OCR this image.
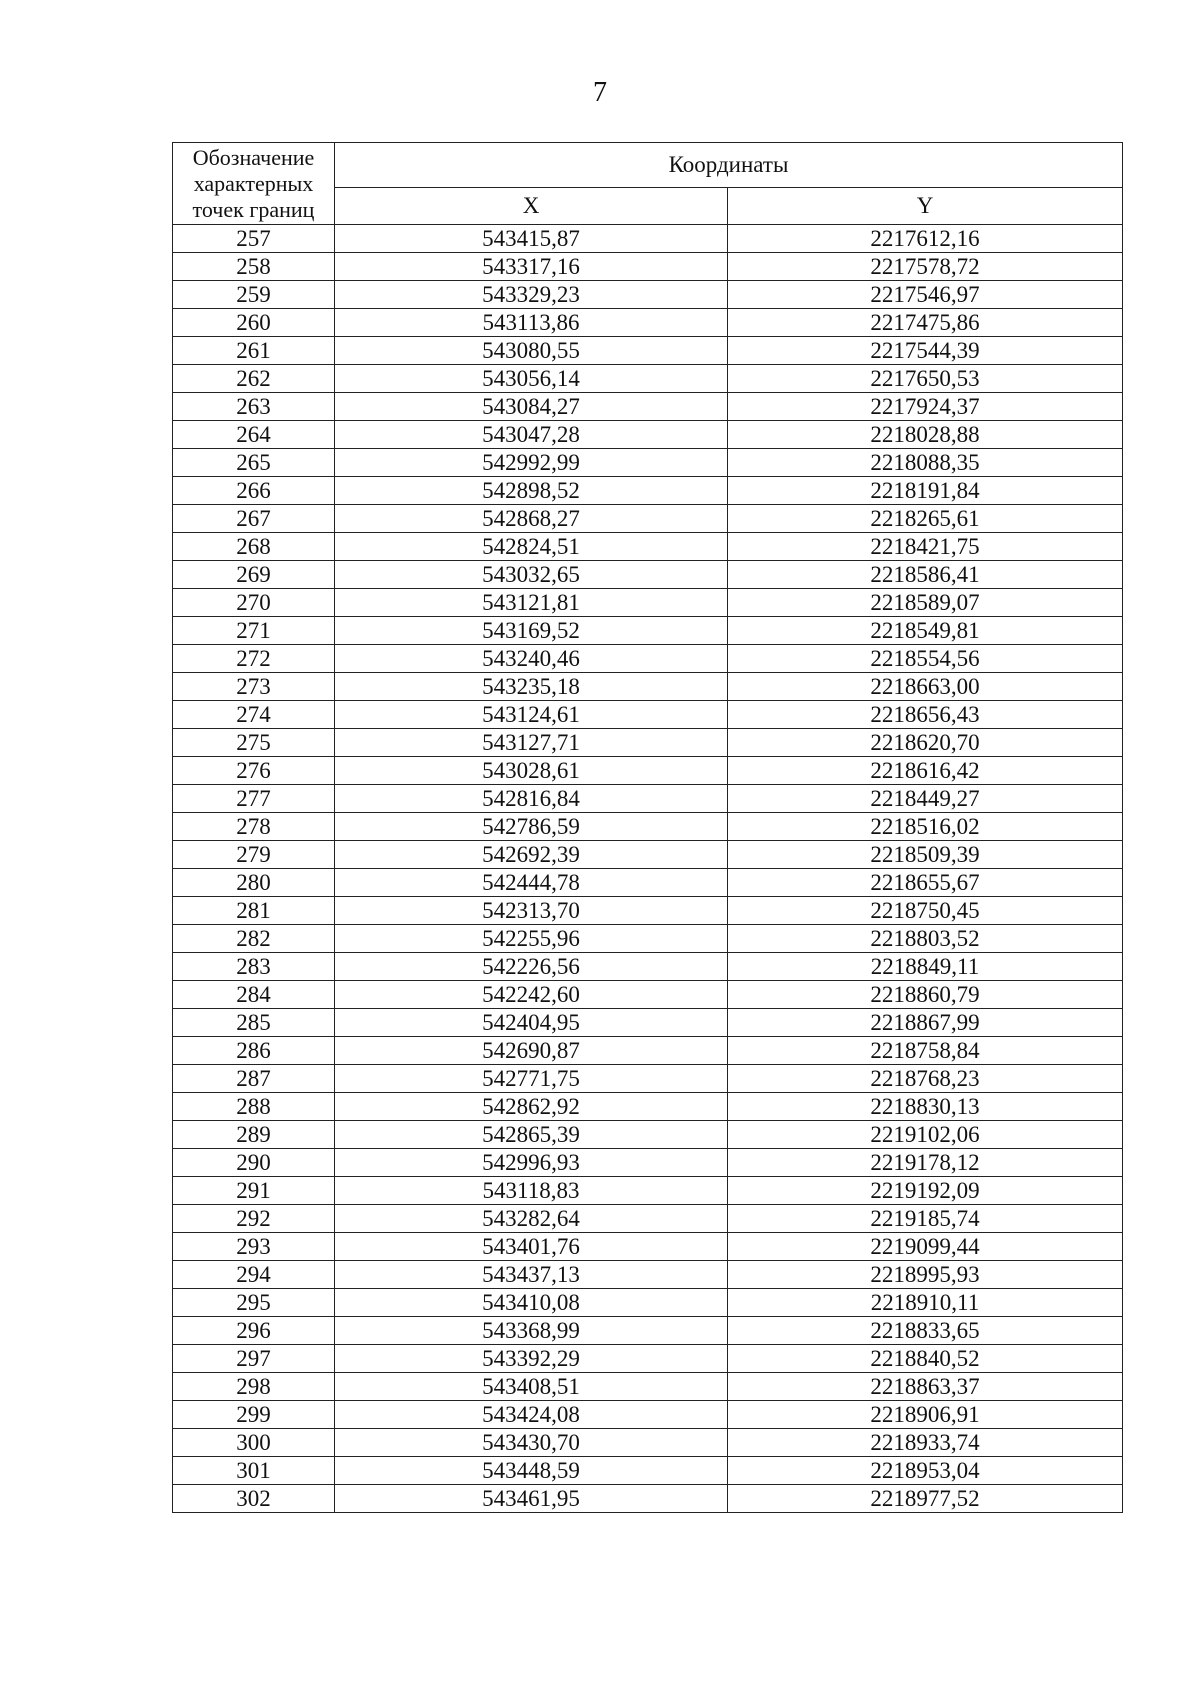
7
Обозначение
характерных
точек границ	Координаты	
	X	Y
257	543415,87	2217612,16
258	543317,16	2217578,72
259	543329,23	2217546,97
260	543113,86	2217475,86
261	543080,55	2217544,39
262	543056,14	2217650,53
263	543084,27	2217924,37
264	543047,28	2218028,88
265	542992,99	2218088,35
266	542898,52	2218191,84
267	542868,27	2218265,61
268	542824,51	2218421,75
269	543032,65	2218586,41
270	543121,81	2218589,07
271	543169,52	2218549,81
272	543240,46	2218554,56
273	543235,18	2218663,00
274	543124,61	2218656,43
275	543127,71	2218620,70
276	543028,61	2218616,42
277	542816,84	2218449,27
278	542786,59	2218516,02
279	542692,39	2218509,39
280	542444,78	2218655,67
281	542313,70	2218750,45
282	542255,96	2218803,52
283	542226,56	2218849,11
284	542242,60	2218860,79
285	542404,95	2218867,99
286	542690,87	2218758,84
287	542771,75	2218768,23
288	542862,92	2218830,13
289	542865,39	2219102,06
290	542996,93	2219178,12
291	543118,83	2219192,09
292	543282,64	2219185,74
293	543401,76	2219099,44
294	543437,13	2218995,93
295	543410,08	2218910,11
296	543368,99	2218833,65
297	543392,29	2218840,52
298	543408,51	2218863,37
299	543424,08	2218906,91
300	543430,70	2218933,74
301	543448,59	2218953,04
302	543461,95	2218977,52
